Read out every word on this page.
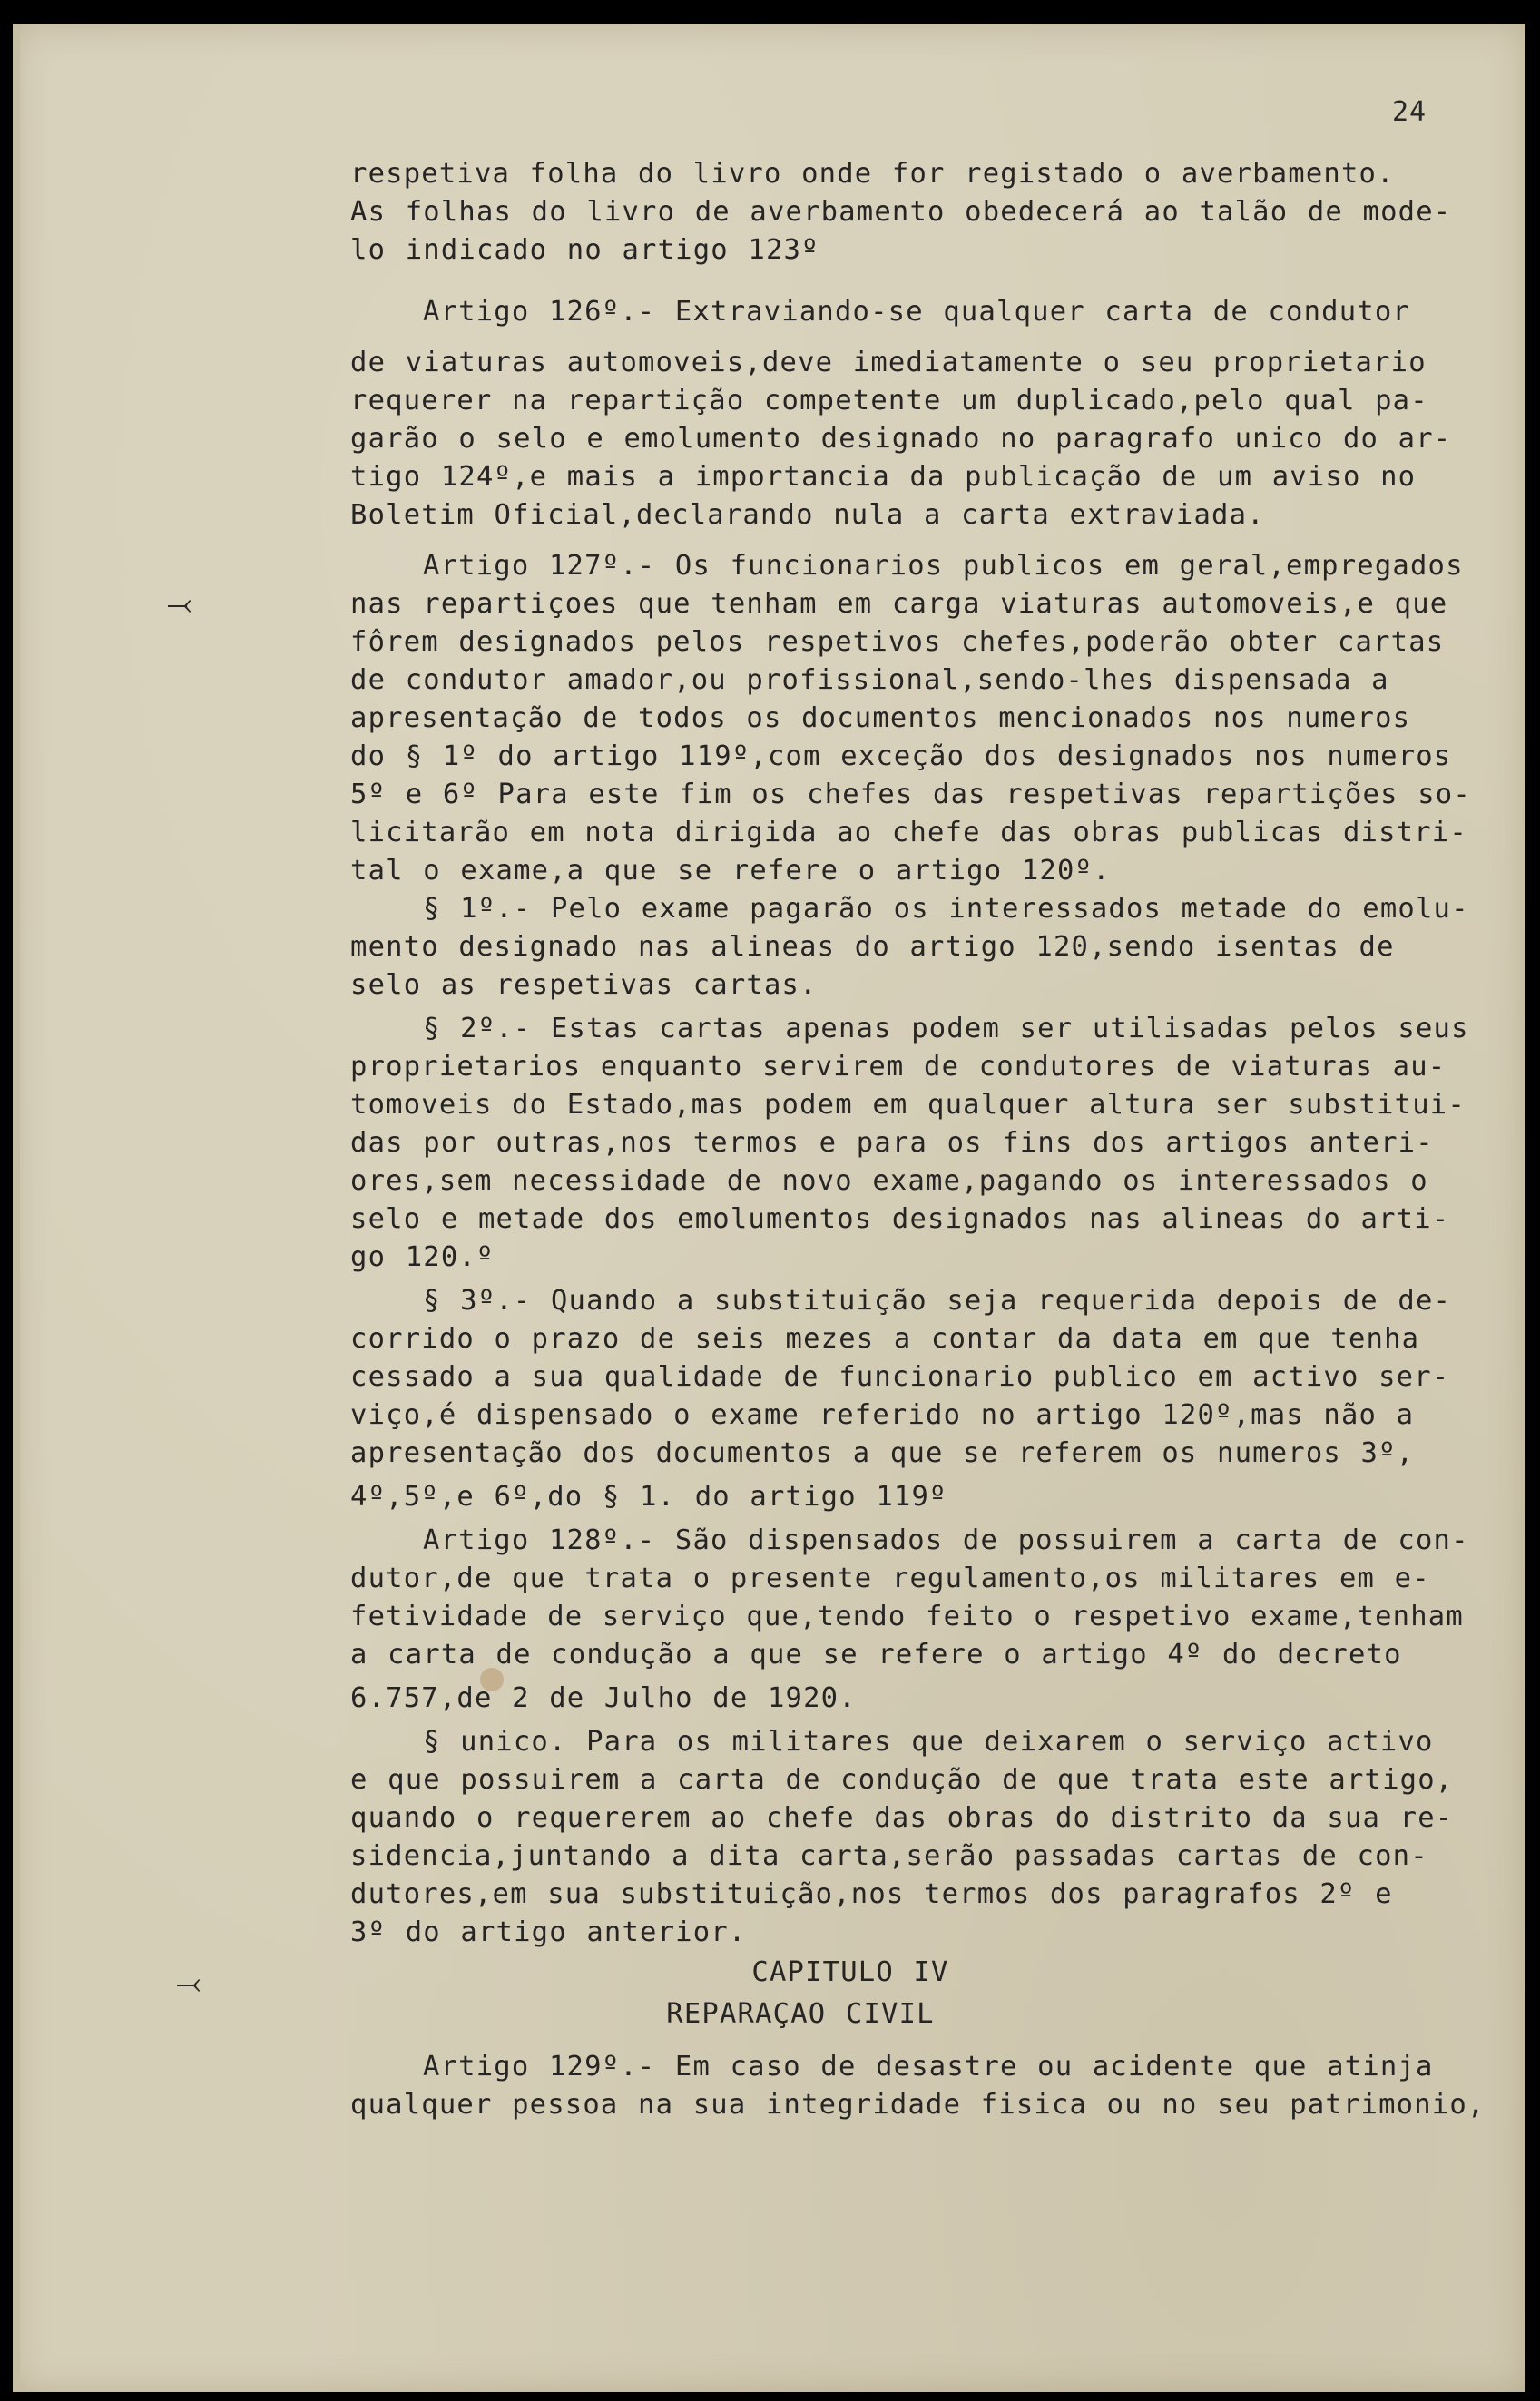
24
⤙
⤙
respetiva folha do livro onde for registado o averbamento.
As folhas do livro de averbamento obedecerá ao talão de mode-
lo indicado no artigo 123º
Artigo 126º.- Extraviando-se qualquer carta de condutor
de viaturas automoveis,deve imediatamente o seu proprietario
requerer na repartição competente um duplicado,pelo qual pa-
garão o selo e emolumento designado no paragrafo unico do ar-
tigo 124º,e mais a importancia da publicação de um aviso no
Boletim Oficial,declarando nula a carta extraviada.
Artigo 127º.- Os funcionarios publicos em geral,empregados
nas repartiçoes que tenham em carga viaturas automoveis,e que
fôrem designados pelos respetivos chefes,poderão obter cartas
de condutor amador,ou profissional,sendo-lhes dispensada a
apresentação de todos os documentos mencionados nos numeros
do § 1º do artigo 119º,com exceção dos designados nos numeros
5º e 6º Para este fim os chefes das respetivas repartições so-
licitarão em nota dirigida ao chefe das obras publicas distri-
tal o exame,a que se refere o artigo 120º.
§ 1º.- Pelo exame pagarão os interessados metade do emolu-
mento designado nas alineas do artigo 120,sendo isentas de
selo as respetivas cartas.
§ 2º.- Estas cartas apenas podem ser utilisadas pelos seus
proprietarios enquanto servirem de condutores de viaturas au-
tomoveis do Estado,mas podem em qualquer altura ser substitui-
das por outras,nos termos e para os fins dos artigos anteri-
ores,sem necessidade de novo exame,pagando os interessados o
selo e metade dos emolumentos designados nas alineas do arti-
go 120.º
§ 3º.- Quando a substituição seja requerida depois de de-
corrido o prazo de seis mezes a contar da data em que tenha
cessado a sua qualidade de funcionario publico em activo ser-
viço,é dispensado o exame referido no artigo 120º,mas não a
apresentação dos documentos a que se referem os numeros 3º,
4º,5º,e 6º,do § 1. do artigo 119º
Artigo 128º.- São dispensados de possuirem a carta de con-
dutor,de que trata o presente regulamento,os militares em e-
fetividade de serviço que,tendo feito o respetivo exame,tenham
a carta de condução a que se refere o artigo 4º do decreto
6.757,de 2 de Julho de 1920.
§ unico. Para os militares que deixarem o serviço activo
e que possuirem a carta de condução de que trata este artigo,
quando o requererem ao chefe das obras do distrito da sua re-
sidencia,juntando a dita carta,serão passadas cartas de con-
dutores,em sua substituição,nos termos dos paragrafos 2º e
3º do artigo anterior.
CAPITULO IV
REPARAÇAO CIVIL
Artigo 129º.- Em caso de desastre ou acidente que atinja
qualquer pessoa na sua integridade fisica ou no seu patrimonio,
